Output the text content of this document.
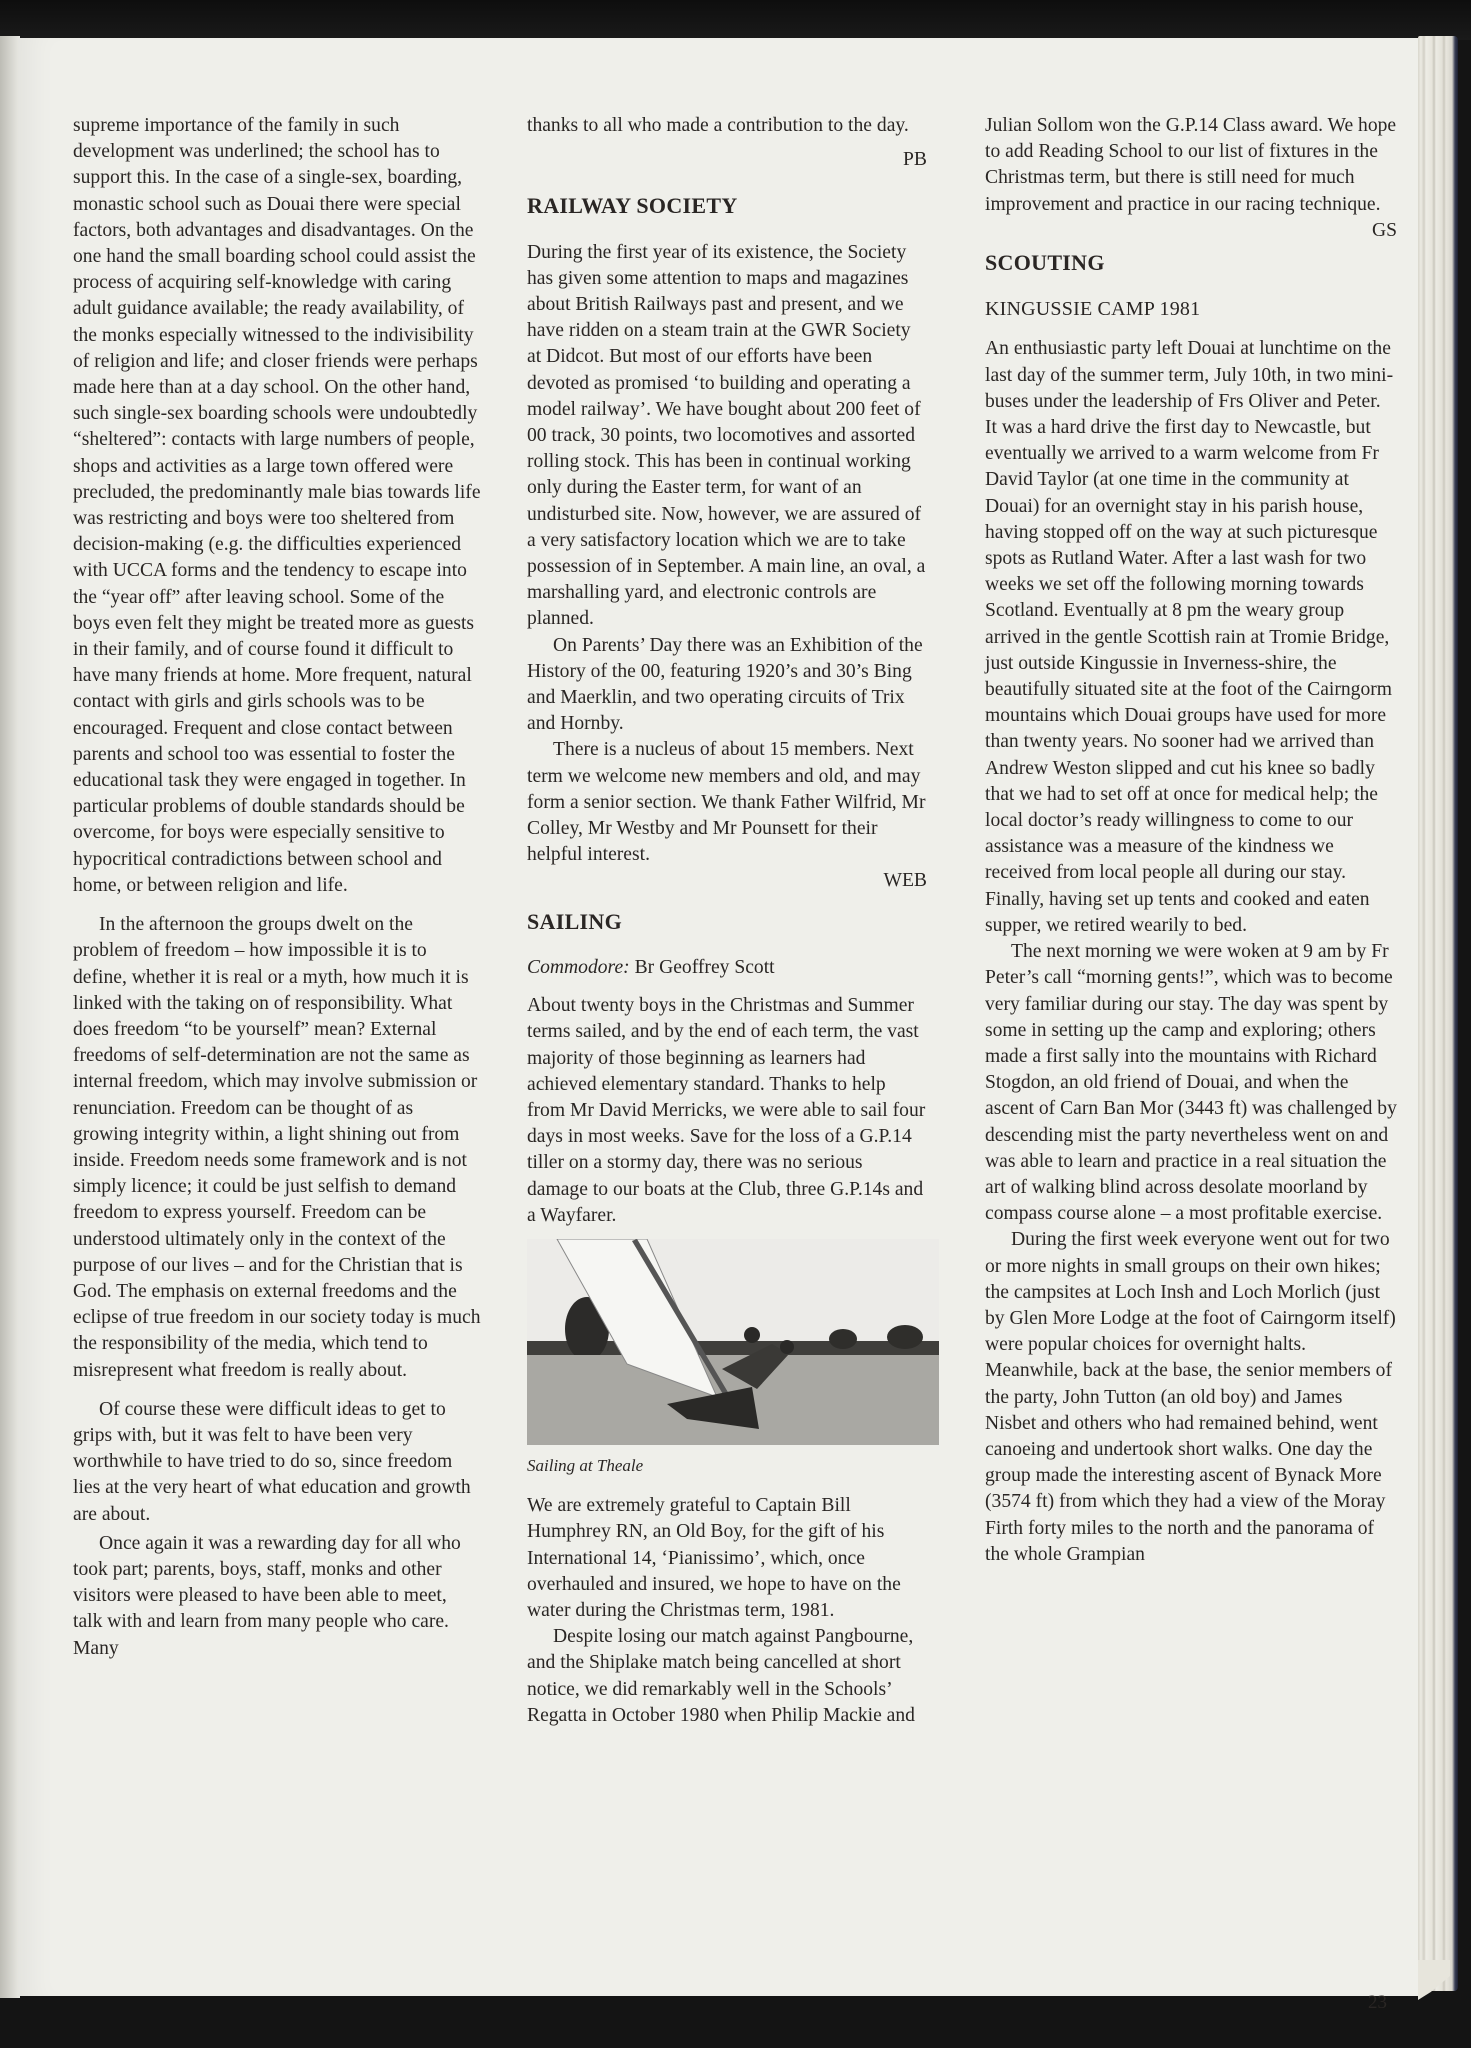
supreme importance of the family in such development was underlined; the school has to support this. In the case of a single-sex, boarding, monastic school such as Douai there were special factors, both advantages and disadvantages. On the one hand the small boarding school could assist the process of acquiring self-knowledge with caring adult guidance available; the ready availability, of the monks especially witnessed to the indivisibility of religion and life; and closer friends were perhaps made here than at a day school. On the other hand, such single-sex boarding schools were undoubtedly “sheltered”: contacts with large numbers of people, shops and activities as a large town offered were precluded, the predominantly male bias towards life was restricting and boys were too sheltered from decision-making (e.g. the difficulties experienced with UCCA forms and the tendency to escape into the “year off” after leaving school. Some of the boys even felt they might be treated more as guests in their family, and of course found it difficult to have many friends at home. More frequent, natural contact with girls and girls schools was to be encouraged. Frequent and close contact between parents and school too was essential to foster the educational task they were engaged in together. In particular problems of double standards should be overcome, for boys were especially sensitive to hypocritical contradictions between school and home, or between religion and life.

In the afternoon the groups dwelt on the problem of freedom – how impossible it is to define, whether it is real or a myth, how much it is linked with the taking on of responsibility. What does freedom “to be yourself” mean? External freedoms of self-determination are not the same as internal freedom, which may involve submission or renunciation. Freedom can be thought of as growing integrity within, a light shining out from inside. Freedom needs some framework and is not simply licence; it could be just selfish to demand freedom to express yourself. Freedom can be understood ultimately only in the context of the purpose of our lives – and for the Christian that is God. The emphasis on external freedoms and the eclipse of true freedom in our society today is much the responsibility of the media, which tend to misrepresent what freedom is really about.

Of course these were difficult ideas to get to grips with, but it was felt to have been very worthwhile to have tried to do so, since freedom lies at the very heart of what education and growth are about.

Once again it was a rewarding day for all who took part; parents, boys, staff, monks and other visitors were pleased to have been able to meet, talk with and learn from many people who care. Many

thanks to all who made a contribution to the day.

PB

RAILWAY SOCIETY

During the first year of its existence, the Society has given some attention to maps and magazines about British Railways past and present, and we have ridden on a steam train at the GWR Society at Didcot. But most of our efforts have been devoted as promised ‘to building and operating a model railway’. We have bought about 200 feet of 00 track, 30 points, two locomotives and assorted rolling stock. This has been in continual working only during the Easter term, for want of an undisturbed site. Now, however, we are assured of a very satisfactory location which we are to take possession of in September. A main line, an oval, a marshalling yard, and electronic controls are planned.

On Parents’ Day there was an Exhibition of the History of the 00, featuring 1920’s and 30’s Bing and Maerklin, and two operating circuits of Trix and Hornby.

There is a nucleus of about 15 members. Next term we welcome new members and old, and may form a senior section. We thank Father Wilfrid, Mr Colley, Mr Westby and Mr Pounsett for their helpful interest.

WEB

SAILING

Commodore: Br Geoffrey Scott

About twenty boys in the Christmas and Summer terms sailed, and by the end of each term, the vast majority of those beginning as learners had achieved elementary standard. Thanks to help from Mr David Merricks, we were able to sail four days in most weeks. Save for the loss of a G.P.14 tiller on a stormy day, there was no serious damage to our boats at the Club, three G.P.14s and a Wayfarer.

Sailing at Theale

We are extremely grateful to Captain Bill Humphrey RN, an Old Boy, for the gift of his International 14, ‘Pianissimo’, which, once overhauled and insured, we hope to have on the water during the Christmas term, 1981.

Despite losing our match against Pangbourne, and the Shiplake match being cancelled at short notice, we did remarkably well in the Schools’ Regatta in October 1980 when Philip Mackie and

Julian Sollom won the G.P.14 Class award. We hope to add Reading School to our list of fixtures in the Christmas term, but there is still need for much improvement and practice in our racing technique.

GS

SCOUTING
KINGUSSIE CAMP 1981

An enthusiastic party left Douai at lunchtime on the last day of the summer term, July 10th, in two mini-buses under the leadership of Frs Oliver and Peter. It was a hard drive the first day to Newcastle, but eventually we arrived to a warm welcome from Fr David Taylor (at one time in the community at Douai) for an overnight stay in his parish house, having stopped off on the way at such picturesque spots as Rutland Water. After a last wash for two weeks we set off the following morning towards Scotland. Eventually at 8 pm the weary group arrived in the gentle Scottish rain at Tromie Bridge, just outside Kingussie in Inverness-shire, the beautifully situated site at the foot of the Cairngorm mountains which Douai groups have used for more than twenty years. No sooner had we arrived than Andrew Weston slipped and cut his knee so badly that we had to set off at once for medical help; the local doctor’s ready willingness to come to our assistance was a measure of the kindness we received from local people all during our stay. Finally, having set up tents and cooked and eaten supper, we retired wearily to bed.

The next morning we were woken at 9 am by Fr Peter’s call “morning gents!”, which was to become very familiar during our stay. The day was spent by some in setting up the camp and exploring; others made a first sally into the mountains with Richard Stogdon, an old friend of Douai, and when the ascent of Carn Ban Mor (3443 ft) was challenged by descending mist the party nevertheless went on and was able to learn and practice in a real situation the art of walking blind across desolate moorland by compass course alone – a most profitable exercise.

During the first week everyone went out for two or more nights in small groups on their own hikes; the campsites at Loch Insh and Loch Morlich (just by Glen More Lodge at the foot of Cairngorm itself) were popular choices for overnight halts. Meanwhile, back at the base, the senior members of the party, John Tutton (an old boy) and James Nisbet and others who had remained behind, went canoeing and undertook short walks. One day the group made the interesting ascent of Bynack More (3574 ft) from which they had a view of the Moray Firth forty miles to the north and the panorama of the whole Grampian

23
